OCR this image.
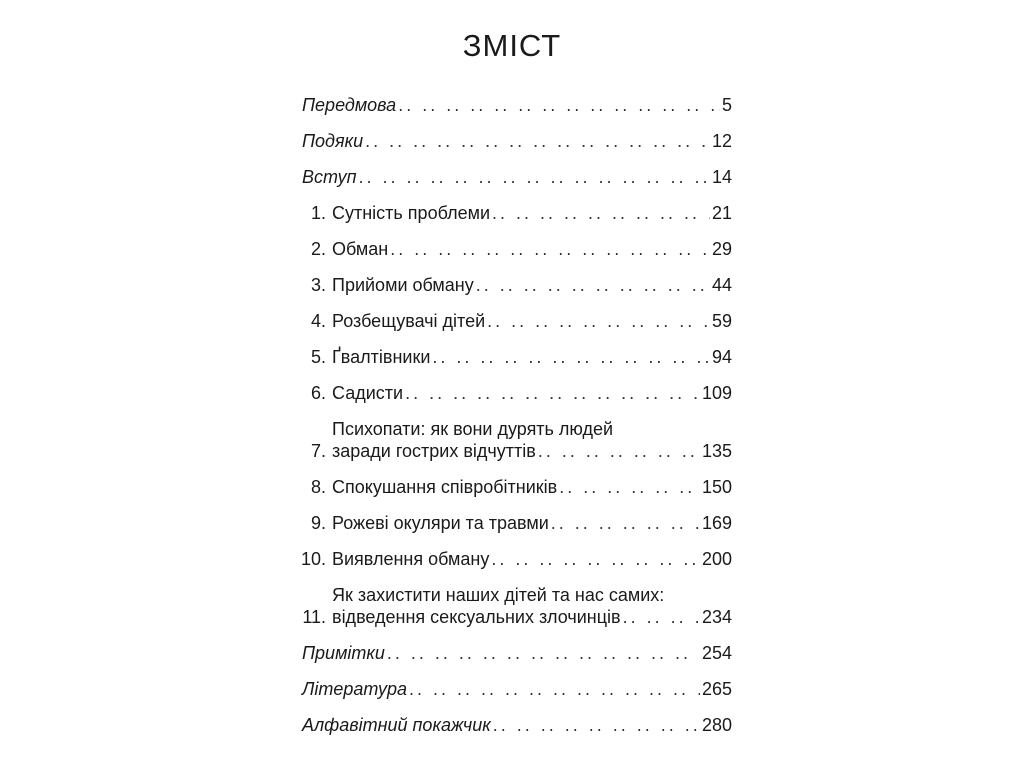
ЗМІСТ
Передмова .. ..	5
Подяки .. ..	12
Вступ .. ..	14
1. Сутність проблеми .. ..	21
2. Обман .. ..	29
3. Прийоми обману .. ..	44
4. Розбещувачі дітей .. ..	59
5. Ґвалтівники .. ..	94
6. Садисти .. ..	109
7.
Психопати: як вони дурять людей
заради гострих відчуттів .. ..	135
8. Спокушання співробітників .. ..	150
9. Рожеві окуляри та травми .. ..	169
10. Виявлення обману .. ..	200
11.
Як захистити наших дітей та нас самих:
відведення сексуальних злочинців .. ..	234
Примітки .. ..	254
Література .. ..	265
Алфавітний покажчик .. ..	280
